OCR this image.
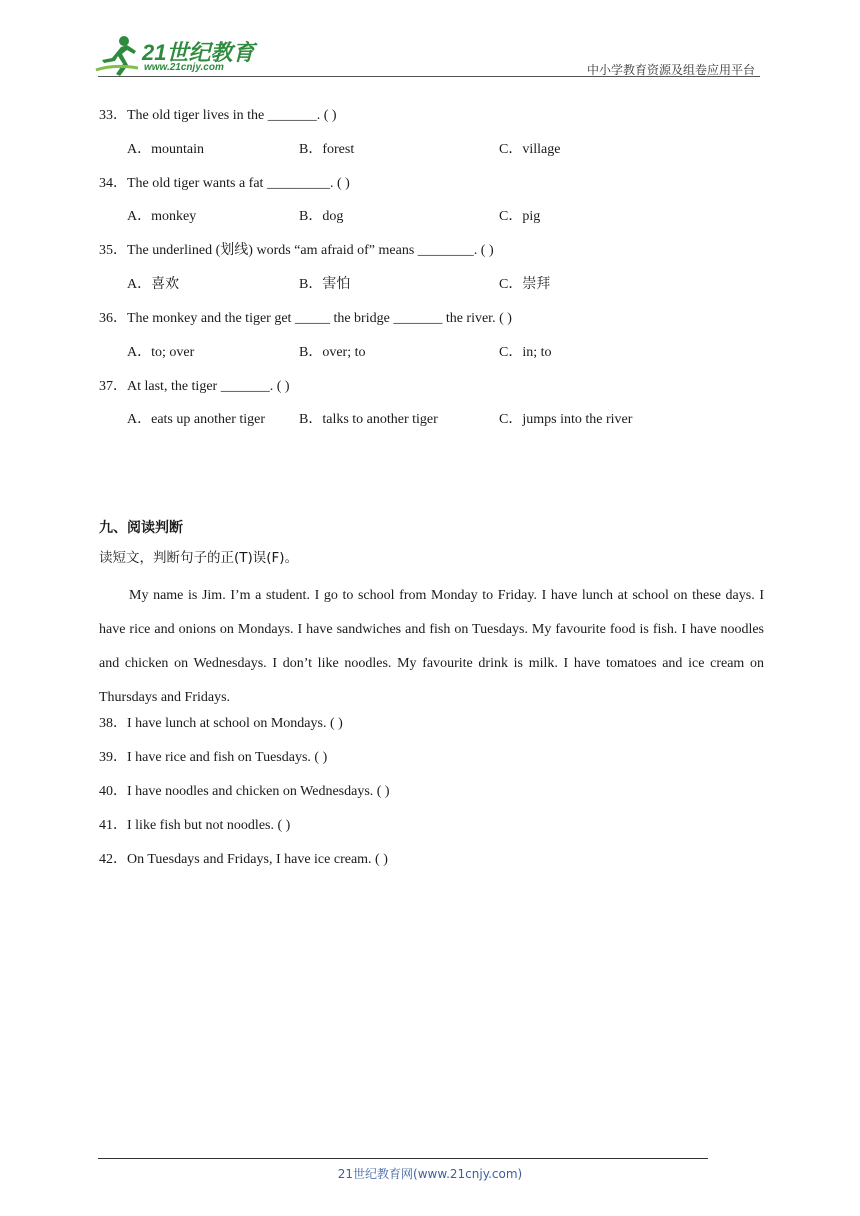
21世纪教育
www.21cnjy.com	中小学教育资源及组卷应用平台
33．The old tiger lives in the _______. ( )
A．mountain	B．forest	C．village
34．The old tiger wants a fat _________. ( )
A．monkey	B．dog	C．pig
35．The underlined (划线) words “am afraid of” means ________. ( )
A．喜欢	B．害怕	C．崇拜
36．The monkey and the tiger get _____ the bridge _______ the river. ( )
A．to; over	B．over; to	C．in; to
37．At last, the tiger _______. ( )
A．eats up another tiger B．talks to another tiger	C．jumps into the river
九、阅读判断
读短文，判断句子的正(T)误(F)。

My name is Jim. I’m a student. I go to school from Monday to Friday. I have lunch at school on these days. I have rice and onions on Mondays. I have sandwiches and fish on Tuesdays. My favourite food is fish. I have noodles and chicken on Wednesdays. I don’t like noodles. My favourite drink is milk. I have tomatoes and ice cream on Thursdays and Fridays.

38．I have lunch at school on Mondays. ( )
39．I have rice and fish on Tuesdays. ( )
40．I have noodles and chicken on Wednesdays. ( )
41．I like fish but not noodles. ( )
42．On Tuesdays and Fridays, I have ice cream. ( )
21世纪教育网(www.21cnjy.com)
